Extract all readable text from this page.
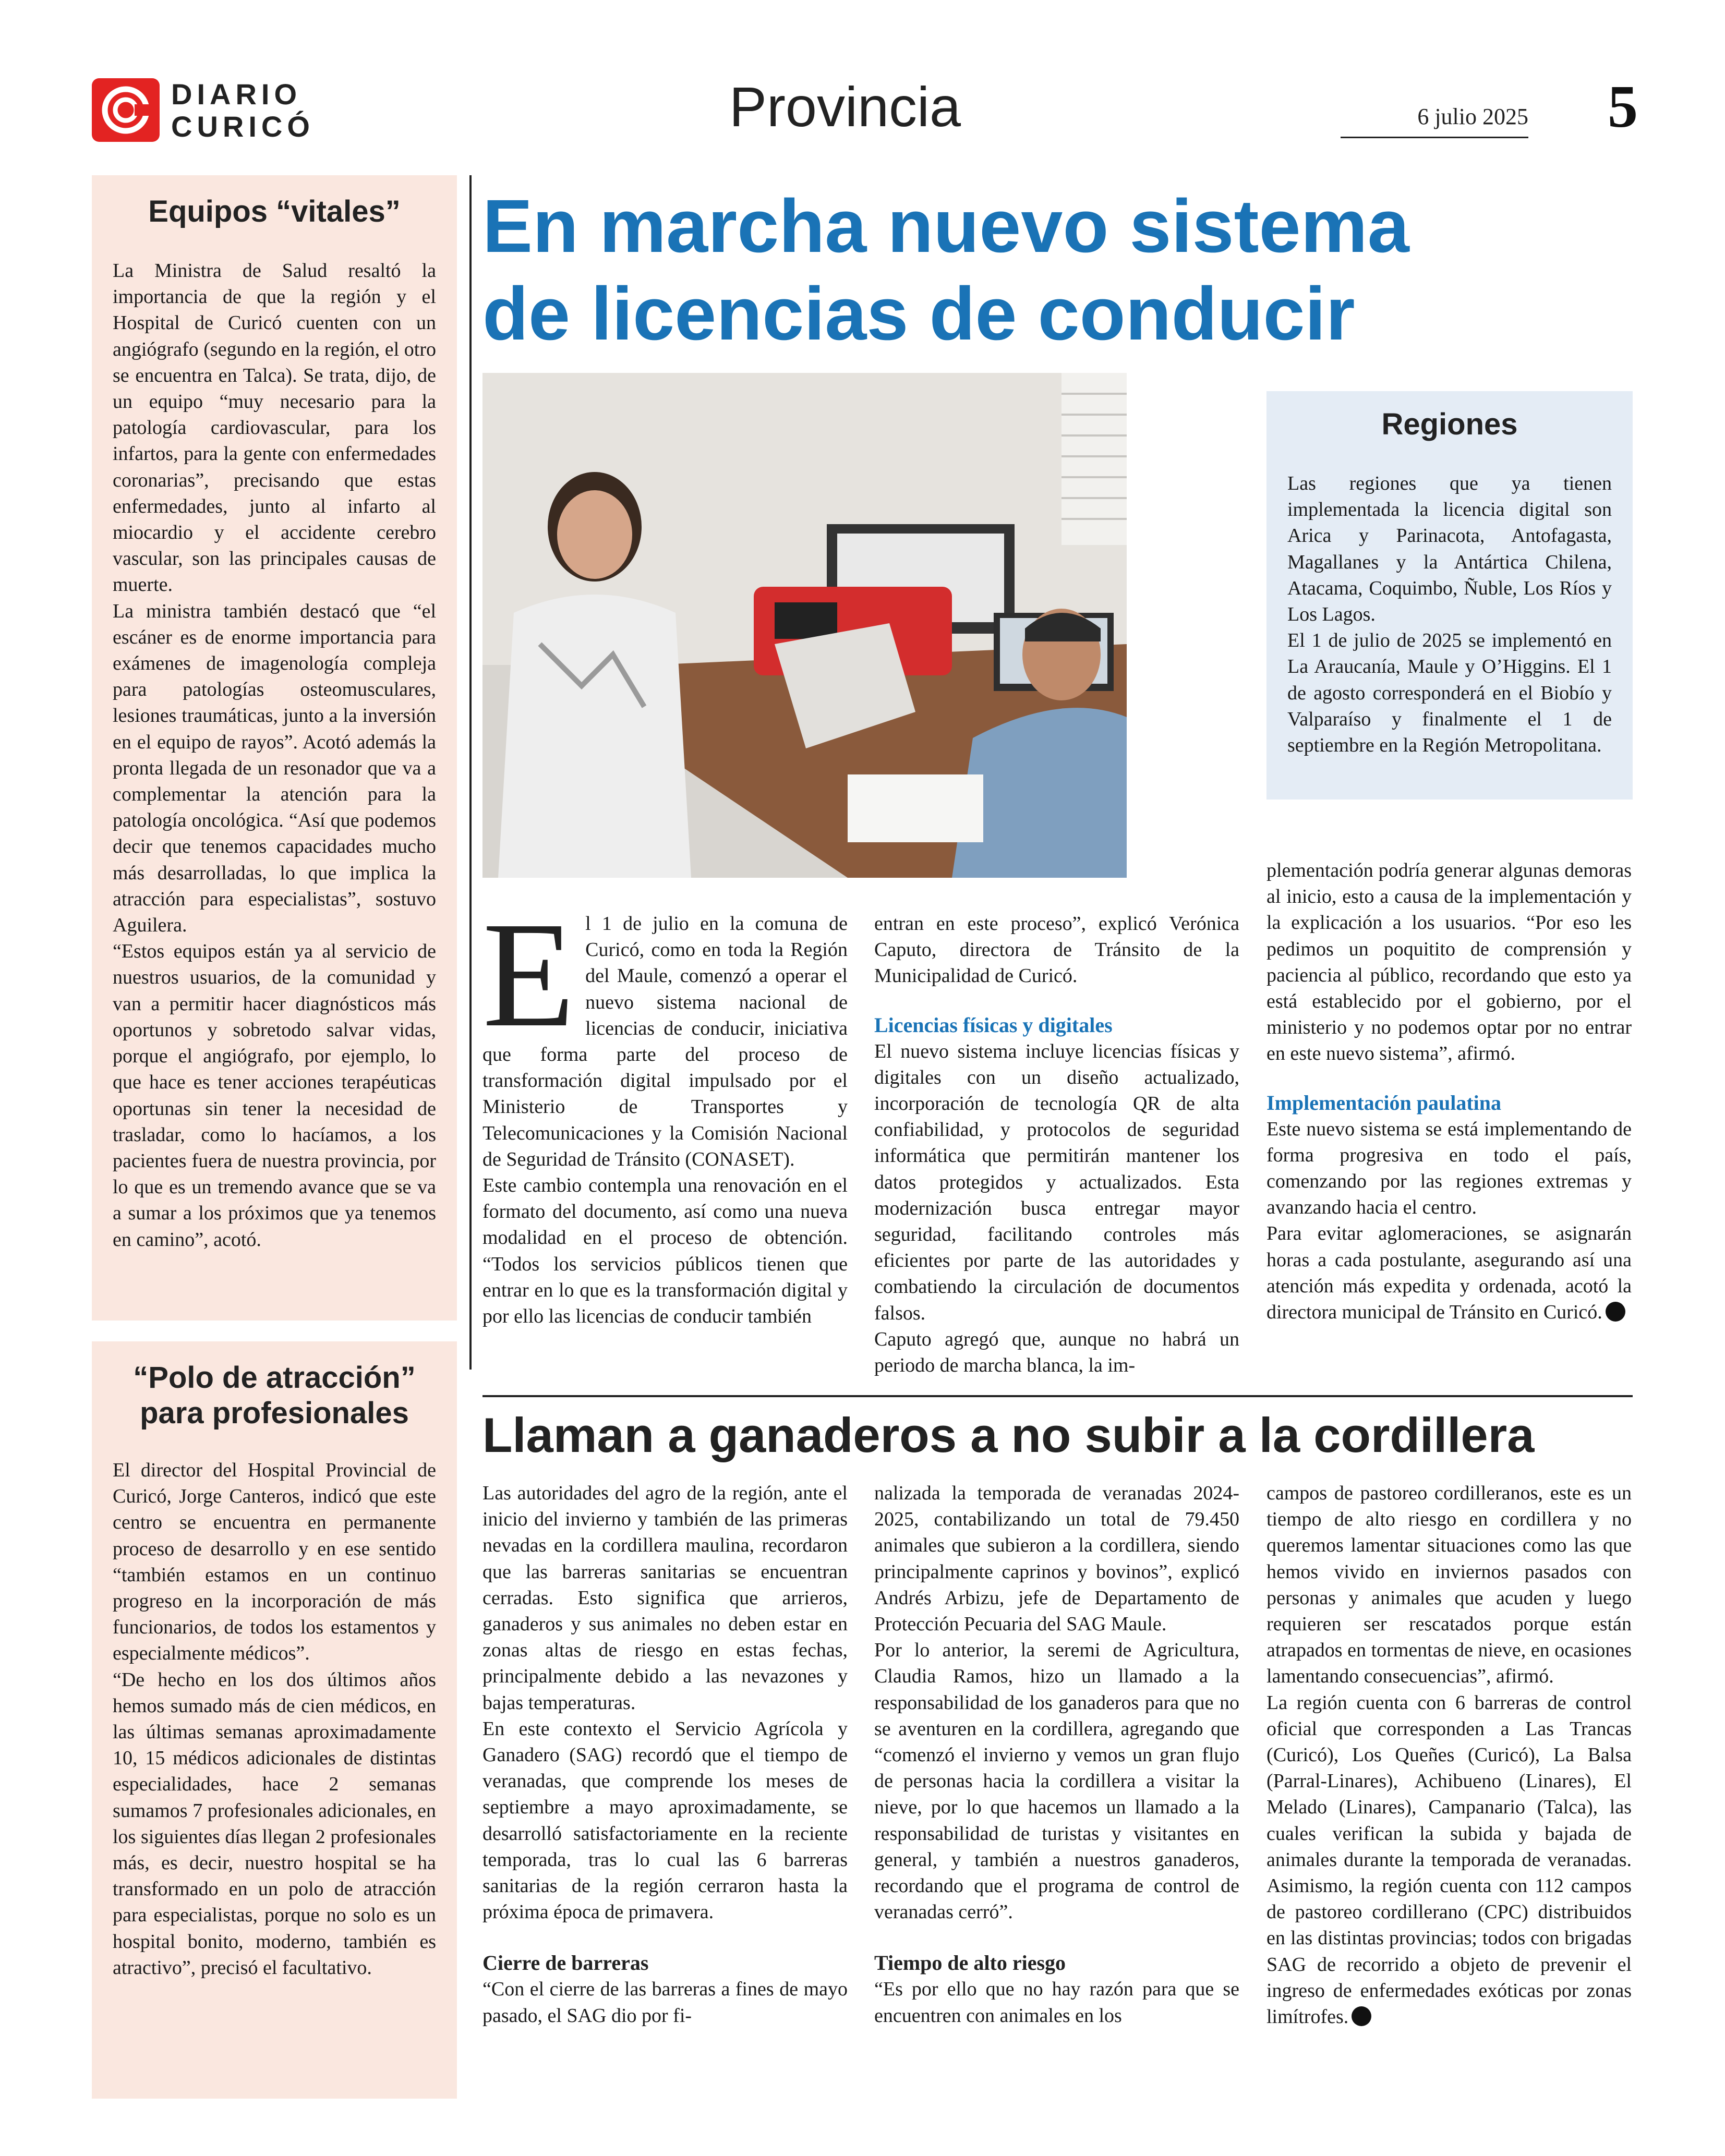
DIARIO
CURICÓ	Provincia	6 julio 2025	5

Equipos “vitales”

La Ministra de Salud resaltó la importancia de que la región y el Hospital de Curicó cuenten con un angiógrafo (segundo en la región, el otro se encuentra en Talca). Se trata, dijo, de un equipo “muy necesario para la patología cardiovascular, para los infartos, para la gente con enfermedades coronarias”, precisando que estas enfermedades, junto al infarto al miocardio y el accidente cerebro vascular, son las principales causas de muerte.

La ministra también destacó que “el escáner es de enorme importancia para exámenes de imagenología compleja para patologías osteomusculares, lesiones traumáticas, junto a la inversión en el equipo de rayos”. Acotó además la pronta llegada de un resonador que va a complementar la atención para la patología oncológica. “Así que podemos decir que tenemos capacidades mucho más desarrolladas, lo que implica la atracción para especialistas”, sostuvo Aguilera.

“Estos equipos están ya al servicio de nuestros usuarios, de la comunidad y van a permitir hacer diagnósticos más oportunos y sobretodo salvar vidas, porque el angiógrafo, por ejemplo, lo que hace es tener acciones terapéuticas oportunas sin tener la necesidad de trasladar, como lo hacíamos, a los pacientes fuera de nuestra provincia, por lo que es un tremendo avance que se va a sumar a los próximos que ya tenemos en camino”, acotó.

“Polo de atracción”

para profesionales

El director del Hospital Provincial de Curicó, Jorge Canteros, indicó que este centro se encuentra en permanente proceso de desarrollo y en ese sentido “también estamos en un continuo progreso en la incorporación de más funcionarios, de todos los estamentos y especialmente médicos”.

“De hecho en los dos últimos años hemos sumado más de cien médicos, en las últimas semanas aproximadamente 10, 15 médicos adicionales de distintas especialidades, hace 2 semanas sumamos 7 profesionales adicionales, en los siguientes días llegan 2 profesionales más, es decir, nuestro hospital se ha transformado en un polo de atracción para especialistas, porque no solo es un hospital bonito, moderno, también es atractivo”, precisó el facultativo.

En marcha nuevo sistema
de licencias de conducir

Regiones

Las regiones que ya tienen implementada la licencia digital son Arica y Parinacota, Antofagasta, Magallanes y la Antártica Chilena, Atacama, Coquimbo, Ñuble, Los Ríos y Los Lagos.

El 1 de julio de 2025 se implementó en La Araucanía, Maule y O’Higgins. El 1 de agosto corresponderá en el Biobío y Valparaíso y finalmente el 1 de septiembre en la Región Metropolitana.

El 1 de julio en la comuna de Curicó, como en toda la Región del Maule, comenzó a operar el nuevo sistema nacional de licencias de conducir, iniciativa que forma parte del proceso de transformación digital impulsado por el Ministerio de Transportes y Telecomunicaciones y la Comisión Nacional de Seguridad de Tránsito (CONASET).

Este cambio contempla una renovación en el formato del documento, así como una nueva modalidad en el proceso de obtención. “Todos los servicios públicos tienen que entrar en lo que es la transformación digital y por ello las licencias de conducir también

entran en este proceso”, explicó Verónica Caputo, directora de Tránsito de la Municipalidad de Curicó.

Licencias físicas y digitales

El nuevo sistema incluye licencias físicas y digitales con un diseño actualizado, incorporación de tecnología QR de alta confiabilidad, y protocolos de seguridad informática que permitirán mantener los datos protegidos y actualizados. Esta modernización busca entregar mayor seguridad, facilitando controles más eficientes por parte de las autoridades y combatiendo la circulación de documentos falsos.

Caputo agregó que, aunque no habrá un periodo de marcha blanca, la im-

plementación podría generar algunas demoras al inicio, esto a causa de la implementación y la explicación a los usuarios. “Por eso les pedimos un poquitito de comprensión y paciencia al público, recordando que esto ya está establecido por el gobierno, por el ministerio y no podemos optar por no entrar en este nuevo sistema”, afirmó.

Implementación paulatina

Este nuevo sistema se está implementando de forma progresiva en todo el país, comenzando por las regiones extremas y avanzando hacia el centro.

Para evitar aglomeraciones, se asignarán horas a cada postulante, asegurando así una atención más expedita y ordenada, acotó la directora municipal de Tránsito en Curicó.

Llaman a ganaderos a no subir a la cordillera

Las autoridades del agro de la región, ante el inicio del invierno y también de las primeras nevadas en la cordillera maulina, recordaron que las barreras sanitarias se encuentran cerradas. Esto significa que arrieros, ganaderos y sus animales no deben estar en zonas altas de riesgo en estas fechas, principalmente debido a las nevazones y bajas temperaturas.

En este contexto el Servicio Agrícola y Ganadero (SAG) recordó que el tiempo de veranadas, que comprende los meses de septiembre a mayo aproximadamente, se desarrolló satisfactoriamente en la reciente temporada, tras lo cual las 6 barreras sanitarias de la región cerraron hasta la próxima época de primavera.

Cierre de barreras

“Con el cierre de las barreras a fines de mayo pasado, el SAG dio por fi-

nalizada la temporada de veranadas 2024-2025, contabilizando un total de 79.450 animales que subieron a la cordillera, siendo principalmente caprinos y bovinos”, explicó Andrés Arbizu, jefe de Departamento de Protección Pecuaria del SAG Maule.

Por lo anterior, la seremi de Agricultura, Claudia Ramos, hizo un llamado a la responsabilidad de los ganaderos para que no se aventuren en la cordillera, agregando que “comenzó el invierno y vemos un gran flujo de personas hacia la cordillera a visitar la nieve, por lo que hacemos un llamado a la responsabilidad de turistas y visitantes en general, y también a nuestros ganaderos, recordando que el programa de control de veranadas cerró”.

Tiempo de alto riesgo

“Es por ello que no hay razón para que se encuentren con animales en los

campos de pastoreo cordilleranos, este es un tiempo de alto riesgo en cordillera y no queremos lamentar situaciones como las que hemos vivido en inviernos pasados con personas y animales que acuden y luego requieren ser rescatados porque están atrapados en tormentas de nieve, en ocasiones lamentando consecuencias”, afirmó.

La región cuenta con 6 barreras de control oficial que corresponden a Las Trancas (Curicó), Los Queñes (Curicó), La Balsa (Parral-Linares), Achibueno (Linares), El Melado (Linares), Campanario (Talca), las cuales verifican la subida y bajada de animales durante la temporada de veranadas. Asimismo, la región cuenta con 112 campos de pastoreo cordillerano (CPC) distribuidos en las distintas provincias; todos con brigadas SAG de recorrido a objeto de prevenir el ingreso de enfermedades exóticas por zonas limítrofes.
